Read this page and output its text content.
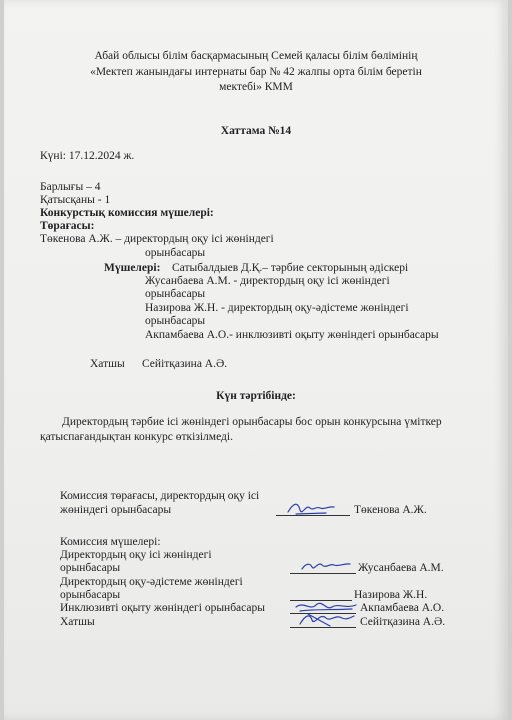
Абай облысы білім басқармасының Семей қаласы білім бөлімінің
«Мектеп жанындағы интернаты бар № 42 жалпы орта білім беретін
мектебі» КММ
Хаттама №14
Күні: 17.12.2024 ж.
Барлығы – 4
Қатысқаны - 1
Конкурстық комиссия мүшелері:
Төрағасы:
Төкенова А.Ж. – директордың оқу ісі жөніндегі
орынбасары
Мүшелері: Сатыбалдыев Д.Қ.– тәрбие секторының әдіскері
Жусанбаева А.М. - директордың оқу ісі жөніндегі
орынбасары
Назирова Ж.Н. - директордың оқу-әдістеме жөніндегі
орынбасары
Акпамбаева А.О.- инклюзивті оқыту жөніндегі орынбасары
Хатшы Сейітқазина А.Ә.
Күн тәртібінде:
Директордың тәрбие ісі жөніндегі орынбасары бос орын конкурсына үміткер
қатыспағандықтан конкурс өткізілмеді.
Комиссия төрағасы, директордың оқу ісі
жөніндегі орынбасары	Төкенова А.Ж.
Комиссия мүшелері:
Директордың оқу ісі жөніндегі
орынбасары	Жусанбаева А.М.
Директордың оқу-әдістеме жөніндегі
орынбасары	Назирова Ж.Н.
Инклюзивті оқыту жөніндегі орынбасары	Акпамбаева А.О.
Хатшы	Сейітқазина А.Ә.
